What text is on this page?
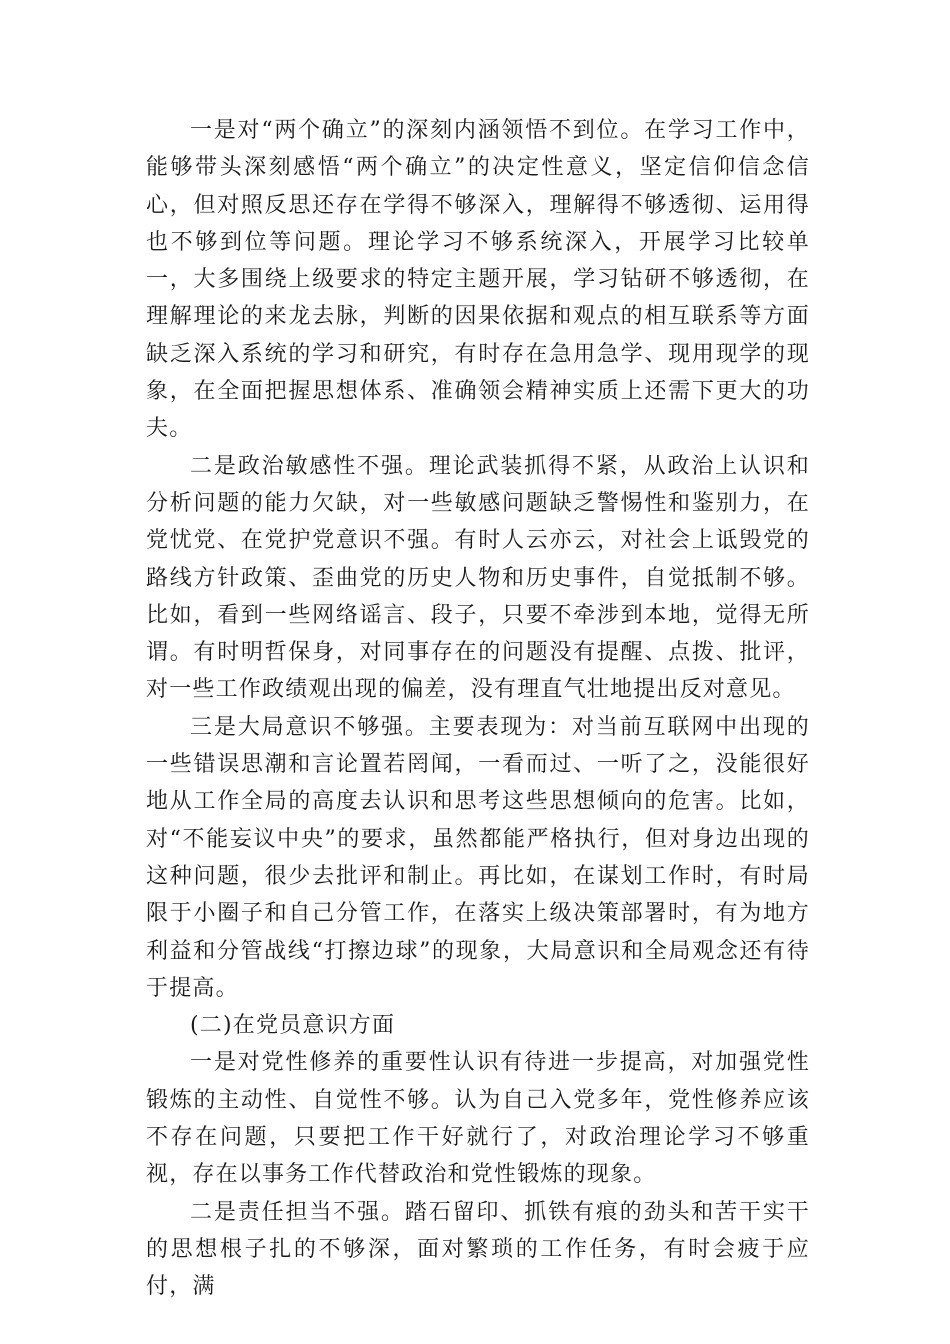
一是对“两个确立”的深刻内涵领悟不到位。在学习工作中，能够带头深刻感悟“两个确立”的决定性意义，坚定信仰信念信心，但对照反思还存在学得不够深入，理解得不够透彻、运用得也不够到位等问题。理论学习不够系统深入，开展学习比较单一，大多围绕上级要求的特定主题开展，学习钻研不够透彻，在理解理论的来龙去脉，判断的因果依据和观点的相互联系等方面缺乏深入系统的学习和研究，有时存在急用急学、现用现学的现象，在全面把握思想体系、准确领会精神实质上还需下更大的功夫。

二是政治敏感性不强。理论武装抓得不紧，从政治上认识和分析问题的能力欠缺，对一些敏感问题缺乏警惕性和鉴别力，在党忧党、在党护党意识不强。有时人云亦云，对社会上诋毁党的路线方针政策、歪曲党的历史人物和历史事件，自觉抵制不够。比如，看到一些网络谣言、段子，只要不牵涉到本地，觉得无所谓。有时明哲保身，对同事存在的问题没有提醒、点拨、批评，对一些工作政绩观出现的偏差，没有理直气壮地提出反对意见。

三是大局意识不够强。主要表现为：对当前互联网中出现的一些错误思潮和言论置若罔闻，一看而过、一听了之，没能很好地从工作全局的高度去认识和思考这些思想倾向的危害。比如，对“不能妄议中央”的要求，虽然都能严格执行，但对身边出现的这种问题，很少去批评和制止。再比如，在谋划工作时，有时局限于小圈子和自己分管工作，在落实上级决策部署时，有为地方利益和分管战线“打擦边球”的现象，大局意识和全局观念还有待于提高。

(二)在党员意识方面

一是对党性修养的重要性认识有待进一步提高，对加强党性锻炼的主动性、自觉性不够。认为自己入党多年，党性修养应该不存在问题，只要把工作干好就行了，对政治理论学习不够重视，存在以事务工作代替政治和党性锻炼的现象。

二是责任担当不强。踏石留印、抓铁有痕的劲头和苦干实干的思想根子扎的不够深，面对繁琐的工作任务，有时会疲于应付，满
